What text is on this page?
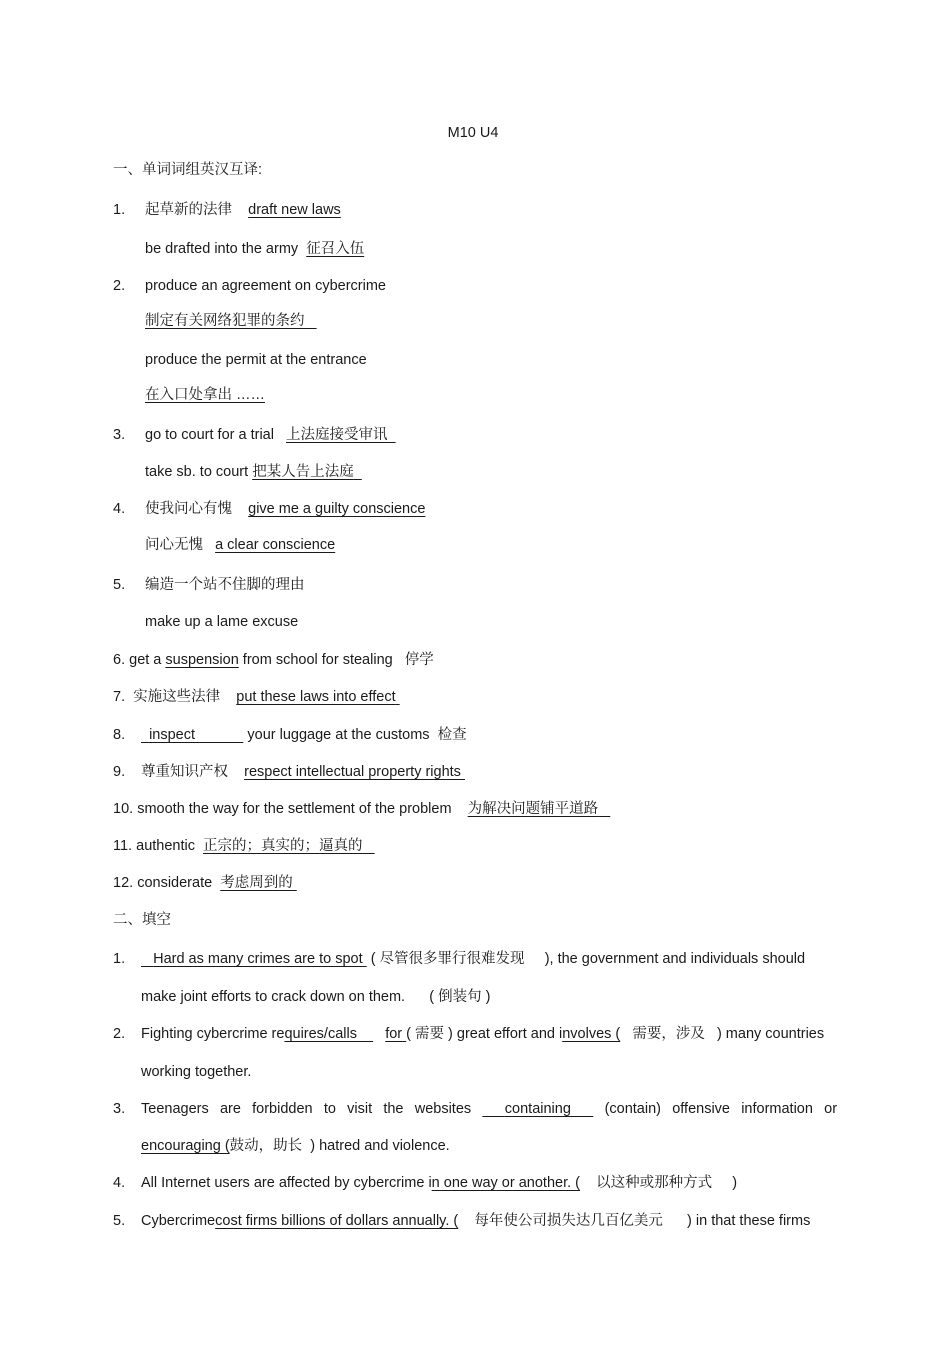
M10 U4
一、单词词组英汉互译:
1. 起草新的法律 draft new laws
be drafted into the army 征召入伍
2. produce an agreement on cybercrime
制定有关网络犯罪的条约
produce the permit at the entrance
在入口处拿出 ……
3. go to court for a trial 上法庭接受审讯
take sb. to court 把某人告上法庭
4. 使我问心有愧 give me a guilty conscience
问心无愧 a clear conscience
5. 编造一个站不住脚的理由
make up a lame excuse
6. get a suspension from school for stealing 停学
7. 实施这些法律 put these laws into effect
8.	inspect	your luggage at the customs 检查
9. 尊重知识产权 respect intellectual property rights
10. smooth the way for the settlement of the problem 为解决问题铺平道路
11. authentic 正宗的；真实的；逼真的
12. considerate 考虑周到的
二、填空
1.	Hard as many crimes are to spot ( 尽管很多罪行很难发现 ), the government and individuals should
make joint efforts to crack down on them. ( 倒装句 )
2. Fighting cybercrime requires/calls for ( 需要 ) great effort and involves ( 需要，涉及 ) many countries
working together.
3. Teenagers are forbidden to visit the websites containing (contain) offensive information or
encouraging (鼓动，助长 ) hatred and violence.
4. All Internet users are affected by cybercrime in one way or another. ( 以这种或那种方式 )
5. Cybercrimecost firms billions of dollars annually. ( 每年使公司损失达几百亿美元 ) in that these firms
